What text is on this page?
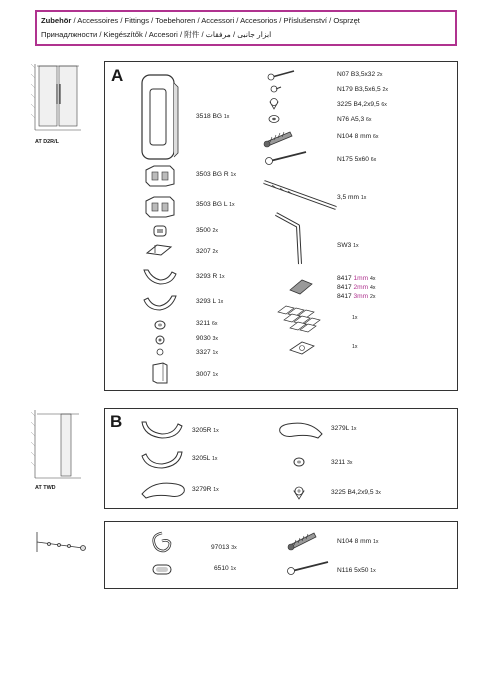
Zubehör / Accessoires / Fittings / Toebehoren / Accessori / Accesorios / Příslušenství / Osprzęt
Принадлжности / Kiegészítők / Accesori / 附件 / ابزار جانبی / مرفقات
AT D2R/L
AT TWD
A
3518 BG 1x
3503 BG R 1x
3503 BG L 1x
3500 2x
3207 2x
3293 R 1x
3293 L 1x
3211 6x
9030 3x
3327 1x
3007 1x
N07 B3,5x32 2x
N179 B3,5x6,5 2x
3225 B4,2x9,5 6x
N76 A5,3 6x
N104 8 mm 6x
N175 5x60 6x
3,5 mm 1x
SW3 1x
8417 1mm 4x
8417 2mm 4x
8417 3mm 2x
1x
1x
B	3205R 1x
3205L 1x
3279R 1x
3279L 1x
3211 3x
3225 B4,2x9,5 3x
97013 3x
6510 1x
N104 8 mm 1x
N116 5x50 1x
